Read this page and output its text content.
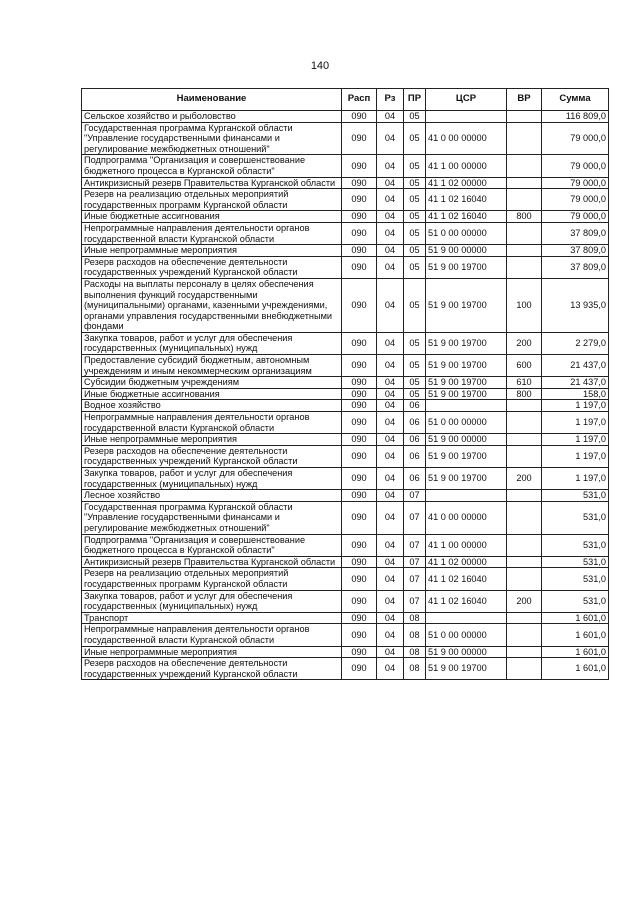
140
Наименование	Расп	Рз	ПР	ЦСР	ВР	Сумма
Сельское хозяйство и рыболовство	090	04	05			116 809,0
Государственная программа Курганской области "Управление государственными финансами и регулирование межбюджетных отношений"	090	04	05	41 0 00 00000		79 000,0
Подпрограмма "Организация и совершенствование бюджетного процесса в Курганской области"	090	04	05	41 1 00 00000		79 000,0
Антикризисный резерв Правительства Курганской области	090	04	05	41 1 02 00000		79 000,0
Резерв на реализацию отдельных мероприятий государственных программ Курганской области	090	04	05	41 1 02 16040		79 000,0
Иные бюджетные ассигнования	090	04	05	41 1 02 16040	800	79 000,0
Непрограммные направления деятельности органов государственной власти Курганской области	090	04	05	51 0 00 00000		37 809,0
Иные непрограммные мероприятия	090	04	05	51 9 00 00000		37 809,0
Резерв расходов на обеспечение деятельности государственных учреждений Курганской области	090	04	05	51 9 00 19700		37 809,0
Расходы на выплаты персоналу в целях обеспечения выполнения функций государственными (муниципальными) органами, казенными учреждениями, органами управления государственными внебюджетными фондами	090	04	05	51 9 00 19700	100	13 935,0
Закупка товаров, работ и услуг для обеспечения государственных (муниципальных) нужд	090	04	05	51 9 00 19700	200	2 279,0
Предоставление субсидий бюджетным, автономным учреждениям и иным некоммерческим организациям	090	04	05	51 9 00 19700	600	21 437,0
Субсидии бюджетным учреждениям	090	04	05	51 9 00 19700	610	21 437,0
Иные бюджетные ассигнования	090	04	05	51 9 00 19700	800	158,0
Водное хозяйство	090	04	06			1 197,0
Непрограммные направления деятельности органов государственной власти Курганской области	090	04	06	51 0 00 00000		1 197,0
Иные непрограммные мероприятия	090	04	06	51 9 00 00000		1 197,0
Резерв расходов на обеспечение деятельности государственных учреждений Курганской области	090	04	06	51 9 00 19700		1 197,0
Закупка товаров, работ и услуг для обеспечения государственных (муниципальных) нужд	090	04	06	51 9 00 19700	200	1 197,0
Лесное хозяйство	090	04	07			531,0
Государственная программа Курганской области "Управление государственными финансами и регулирование межбюджетных отношений"	090	04	07	41 0 00 00000		531,0
Подпрограмма "Организация и совершенствование бюджетного процесса в Курганской области"	090	04	07	41 1 00 00000		531,0
Антикризисный резерв Правительства Курганской области	090	04	07	41 1 02 00000		531,0
Резерв на реализацию отдельных мероприятий государственных программ Курганской области	090	04	07	41 1 02 16040		531,0
Закупка товаров, работ и услуг для обеспечения государственных (муниципальных) нужд	090	04	07	41 1 02 16040	200	531,0
Транспорт	090	04	08			1 601,0
Непрограммные направления деятельности органов государственной власти Курганской области	090	04	08	51 0 00 00000		1 601,0
Иные непрограммные мероприятия	090	04	08	51 9 00 00000		1 601,0
Резерв расходов на обеспечение деятельности государственных учреждений Курганской области	090	04	08	51 9 00 19700		1 601,0
